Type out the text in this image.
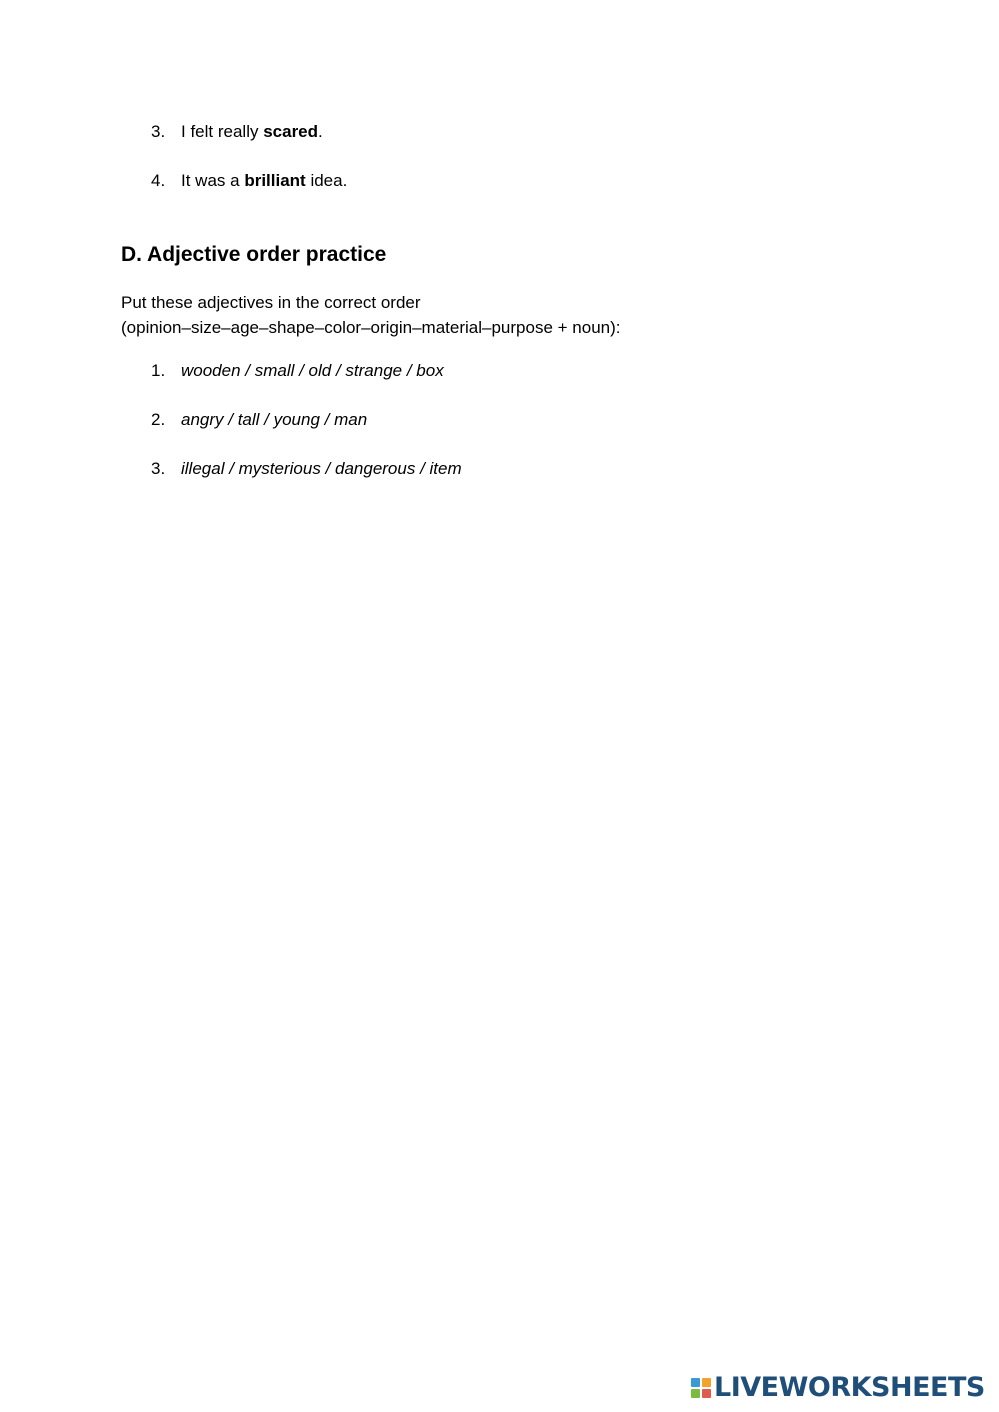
3. I felt really scared.
4. It was a brilliant idea.
D. Adjective order practice
Put these adjectives in the correct order
(opinion–size–age–shape–color–origin–material–purpose + noun):
1. wooden / small / old / strange / box
2. angry / tall / young / man
3. illegal / mysterious / dangerous / item
LIVEWORKSHEETS
